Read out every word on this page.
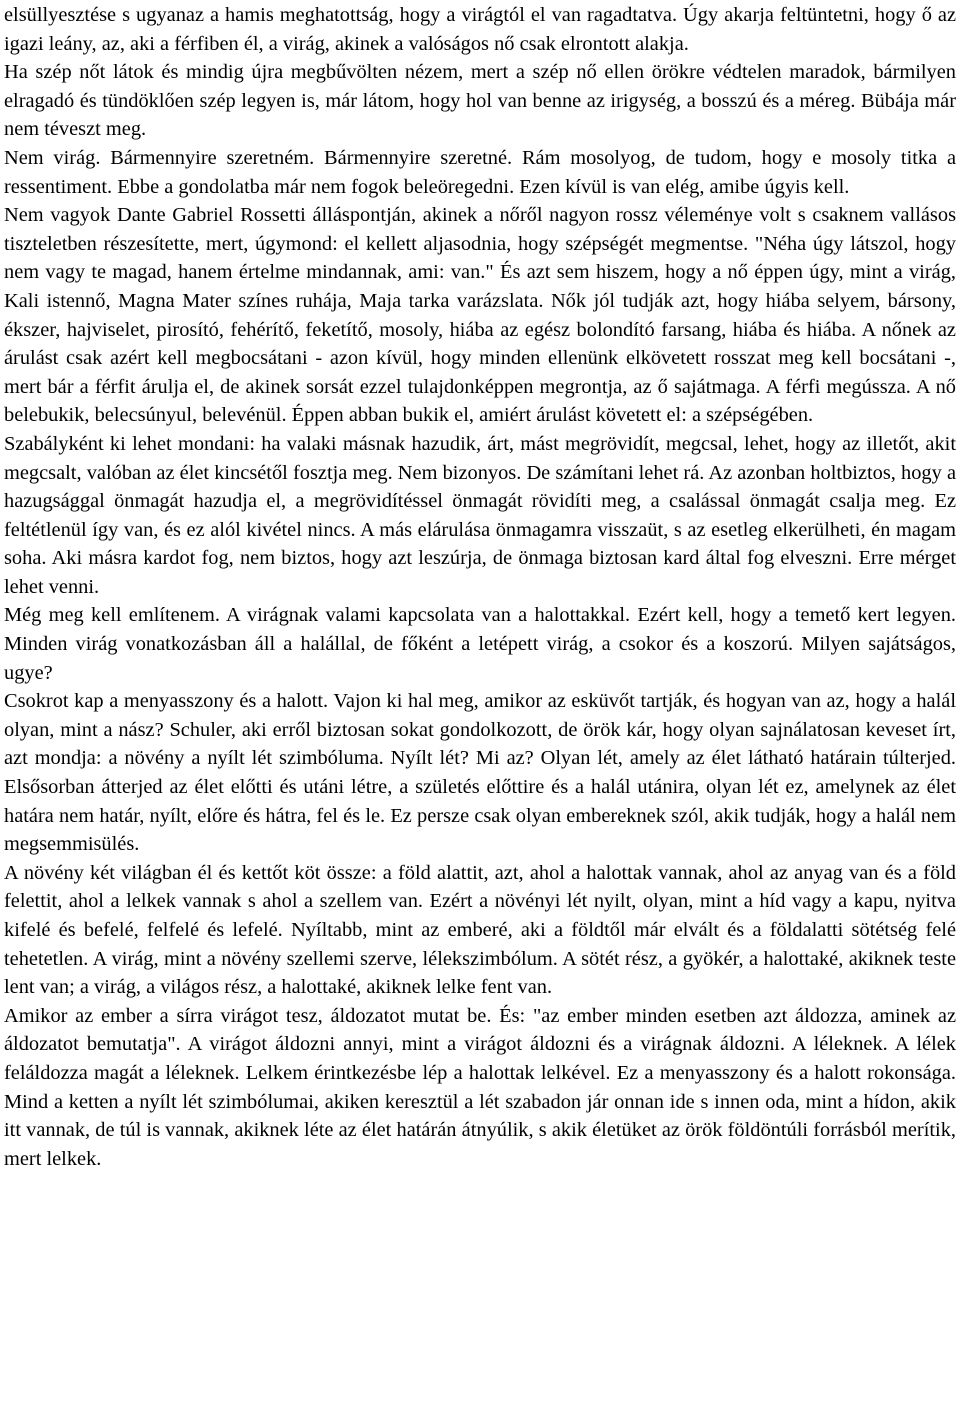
elsüllyesztése s ugyanaz a hamis meghatottság, hogy a virágtól el van ragadtatva. Úgy akarja feltüntetni, hogy ő az igazi leány, az, aki a férfiben él, a virág, akinek a valóságos nő csak elrontott alakja.

Ha szép nőt látok és mindig újra megbűvölten nézem, mert a szép nő ellen örökre védtelen maradok, bármilyen elragadó és tündöklően szép legyen is, már látom, hogy hol van benne az irigység, a bosszú és a méreg. Bübája már nem téveszt meg.

Nem virág. Bármennyire szeretném. Bármennyire szeretné. Rám mosolyog, de tudom, hogy e mosoly titka a ressentiment. Ebbe a gondolatba már nem fogok beleöregedni. Ezen kívül is van elég, amibe úgyis kell.

Nem vagyok Dante Gabriel Rossetti álláspontján, akinek a nőről nagyon rossz véleménye volt s csaknem vallásos tiszteletben részesítette, mert, úgymond: el kellett aljasodnia, hogy szépségét megmentse. "Néha úgy látszol, hogy nem vagy te magad, hanem értelme mindannak, ami: van." És azt sem hiszem, hogy a nő éppen úgy, mint a virág, Kali istennő, Magna Mater színes ruhája, Maja tarka varázslata. Nők jól tudják azt, hogy hiába selyem, bársony, ékszer, hajviselet, pirosító, fehérítő, feketítő, mosoly, hiába az egész bolondító farsang, hiába és hiába. A nőnek az árulást csak azért kell megbocsátani - azon kívül, hogy minden ellenünk elkövetett rosszat meg kell bocsátani -, mert bár a férfit árulja el, de akinek sorsát ezzel tulajdonképpen megrontja, az ő sajátmaga. A férfi megússza. A nő belebukik, belecsúnyul, belevénül. Éppen abban bukik el, amiért árulást követett el: a szépségében.

Szabályként ki lehet mondani: ha valaki másnak hazudik, árt, mást megrövidít, megcsal, lehet, hogy az illetőt, akit megcsalt, valóban az élet kincsétől fosztja meg. Nem bizonyos. De számítani lehet rá. Az azonban holtbiztos, hogy a hazugsággal önmagát hazudja el, a megrövidítéssel önmagát rövidíti meg, a csalással önmagát csalja meg. Ez feltétlenül így van, és ez alól kivétel nincs. A más elárulása önmagamra visszaüt, s az esetleg elkerülheti, én magam soha. Aki másra kardot fog, nem biztos, hogy azt leszúrja, de önmaga biztosan kard által fog elveszni. Erre mérget lehet venni.

Még meg kell említenem. A virágnak valami kapcsolata van a halottakkal. Ezért kell, hogy a temető kert legyen. Minden virág vonatkozásban áll a halállal, de főként a letépett virág, a csokor és a koszorú. Milyen sajátságos, ugye?

Csokrot kap a menyasszony és a halott. Vajon ki hal meg, amikor az esküvőt tartják, és hogyan van az, hogy a halál olyan, mint a nász? Schuler, aki erről biztosan sokat gondolkozott, de örök kár, hogy olyan sajnálatosan keveset írt, azt mondja: a növény a nyílt lét szimbóluma. Nyílt lét? Mi az? Olyan lét, amely az élet látható határain túlterjed. Elsősorban átterjed az élet előtti és utáni létre, a születés előttire és a halál utánira, olyan lét ez, amelynek az élet határa nem határ, nyílt, előre és hátra, fel és le. Ez persze csak olyan embereknek szól, akik tudják, hogy a halál nem megsemmisülés.

A növény két világban él és kettőt köt össze: a föld alattit, azt, ahol a halottak vannak, ahol az anyag van és a föld felettit, ahol a lelkek vannak s ahol a szellem van. Ezért a növényi lét nyilt, olyan, mint a híd vagy a kapu, nyitva kifelé és befelé, felfelé és lefelé. Nyíltabb, mint az emberé, aki a földtől már elvált és a földalatti sötétség felé tehetetlen. A virág, mint a növény szellemi szerve, lélekszimbólum. A sötét rész, a gyökér, a halottaké, akiknek teste lent van; a virág, a világos rész, a halottaké, akiknek lelke fent van.

Amikor az ember a sírra virágot tesz, áldozatot mutat be. És: "az ember minden esetben azt áldozza, aminek az áldozatot bemutatja". A virágot áldozni annyi, mint a virágot áldozni és a virágnak áldozni. A léleknek. A lélek feláldozza magát a léleknek. Lelkem érintkezésbe lép a halottak lelkével. Ez a menyasszony és a halott rokonsága. Mind a ketten a nyílt lét szimbólumai, akiken keresztül a lét szabadon jár onnan ide s innen oda, mint a hídon, akik itt vannak, de túl is vannak, akiknek léte az élet határán átnyúlik, s akik életüket az örök földöntúli forrásból merítik, mert lelkek.
